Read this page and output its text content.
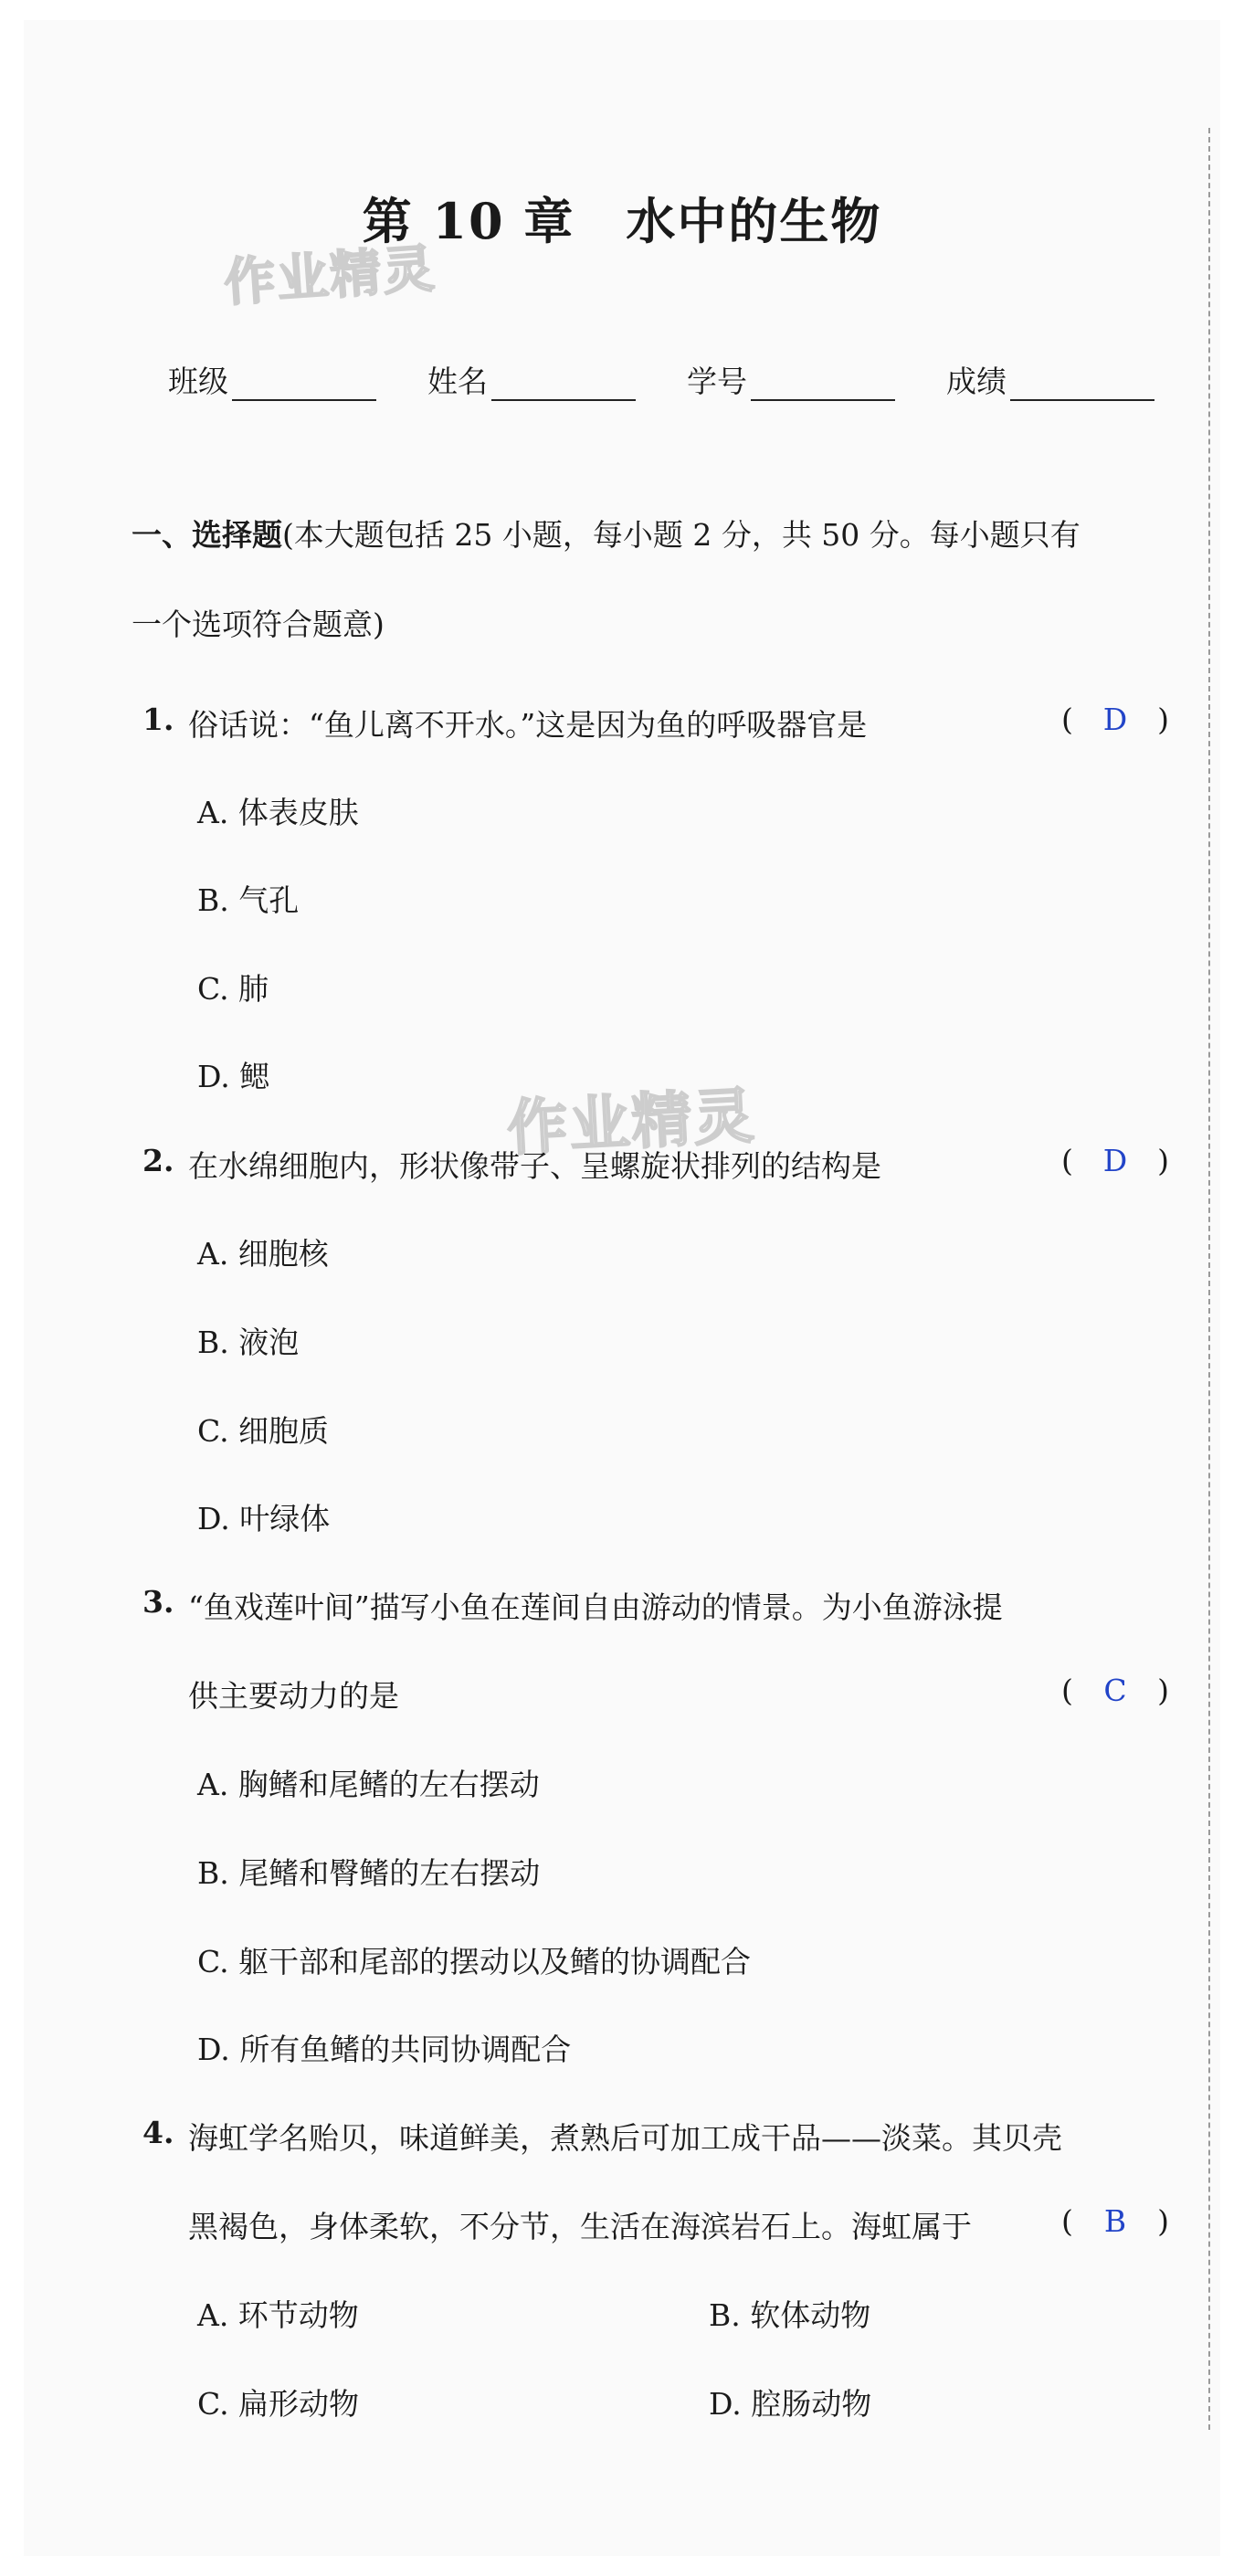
作业精灵
作业精灵
第 10 章　水中的生物
班级	姓名	学号	成绩
一、选择题(本大题包括 25 小题，每小题 2 分，共 50 分。每小题只有
一个选项符合题意)
1. 俗话说：“鱼儿离不开水。”这是因为鱼的呼吸器官是	( D )
A. 体表皮肤
B. 气孔
C. 肺
D. 鳃
2. 在水绵细胞内，形状像带子、呈螺旋状排列的结构是	( D )
A. 细胞核
B. 液泡
C. 细胞质
D. 叶绿体
3. “鱼戏莲叶间”描写小鱼在莲间自由游动的情景。为小鱼游泳提
供主要动力的是	( C )
A. 胸鳍和尾鳍的左右摆动
B. 尾鳍和臀鳍的左右摆动
C. 躯干部和尾部的摆动以及鳍的协调配合
D. 所有鱼鳍的共同协调配合
4. 海虹学名贻贝，味道鲜美，煮熟后可加工成干品——淡菜。其贝壳
黑褐色，身体柔软，不分节，生活在海滨岩石上。海虹属于	( B )
A. 环节动物	B. 软体动物
C. 扁形动物	D. 腔肠动物
